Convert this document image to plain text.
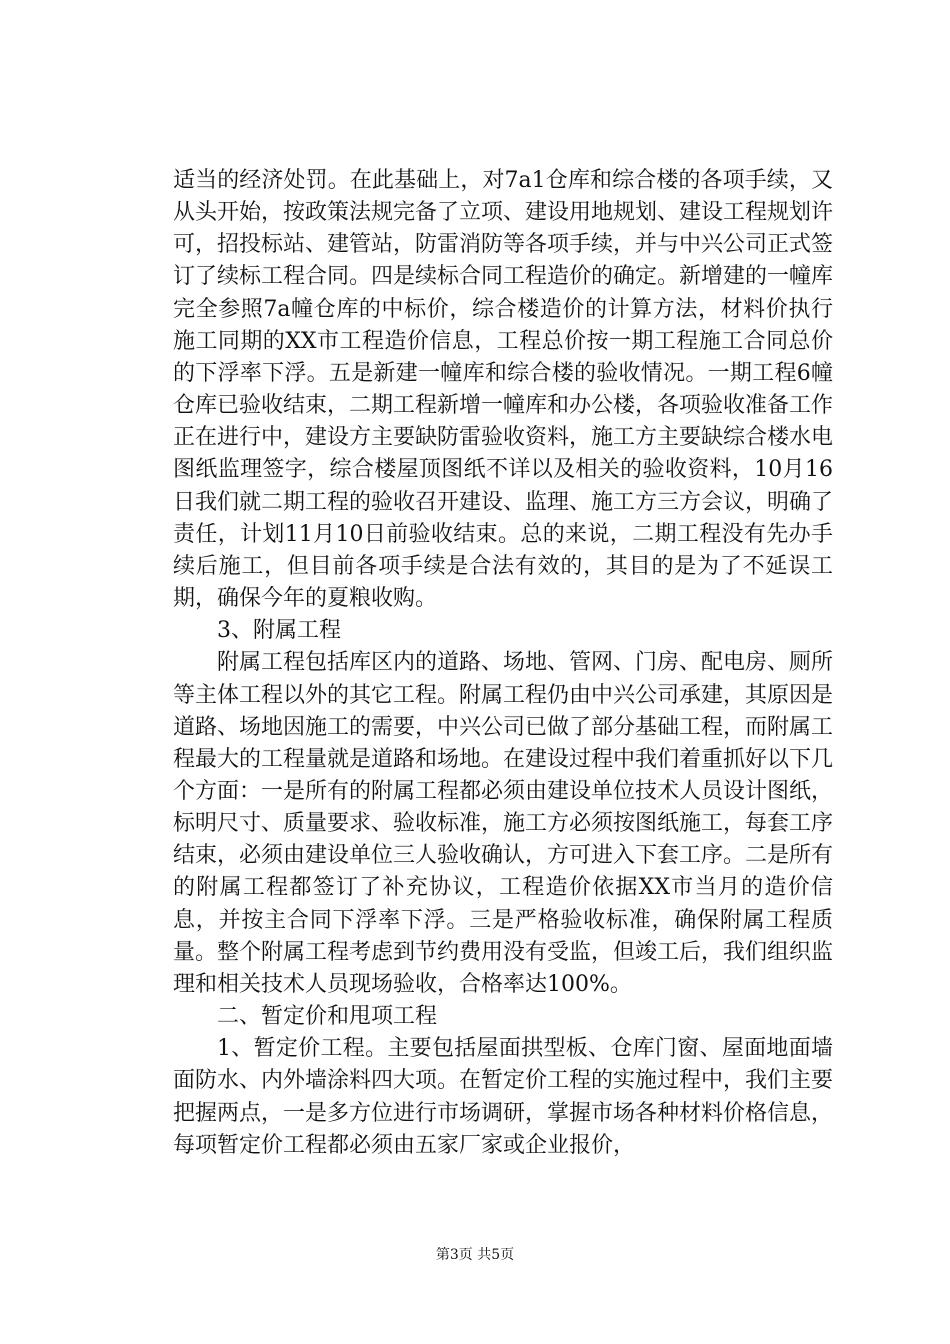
适当的经济处罚。在此基础上，对7a1仓库和综合楼的各项手续，又从头开始，按政策法规完备了立项、建设用地规划、建设工程规划许可，招投标站、建管站，防雷消防等各项手续，并与中兴公司正式签订了续标工程合同。四是续标合同工程造价的确定。新增建的一幢库完全参照7a幢仓库的中标价，综合楼造价的计算方法，材料价执行施工同期的XX市工程造价信息，工程总价按一期工程施工合同总价的下浮率下浮。五是新建一幢库和综合楼的验收情况。一期工程6幢仓库已验收结束，二期工程新增一幢库和办公楼，各项验收准备工作正在进行中，建设方主要缺防雷验收资料，施工方主要缺综合楼水电图纸监理签字，综合楼屋顶图纸不详以及相关的验收资料，10月16日我们就二期工程的验收召开建设、监理、施工方三方会议，明确了责任，计划11月10日前验收结束。总的来说，二期工程没有先办手续后施工，但目前各项手续是合法有效的，其目的是为了不延误工期，确保今年的夏粮收购。

3、附属工程

附属工程包括库区内的道路、场地、管网、门房、配电房、厕所等主体工程以外的其它工程。附属工程仍由中兴公司承建，其原因是道路、场地因施工的需要，中兴公司已做了部分基础工程，而附属工程最大的工程量就是道路和场地。在建设过程中我们着重抓好以下几个方面：一是所有的附属工程都必须由建设单位技术人员设计图纸，标明尺寸、质量要求、验收标准，施工方必须按图纸施工，每套工序结束，必须由建设单位三人验收确认，方可进入下套工序。二是所有的附属工程都签订了补充协议，工程造价依据XX市当月的造价信息，并按主合同下浮率下浮。三是严格验收标准，确保附属工程质量。整个附属工程考虑到节约费用没有受监，但竣工后，我们组织监理和相关技术人员现场验收，合格率达100%。

二、暂定价和甩项工程

1、暂定价工程。主要包括屋面拱型板、仓库门窗、屋面地面墙面防水、内外墙涂料四大项。在暂定价工程的实施过程中，我们主要把握两点，一是多方位进行市场调研，掌握市场各种材料价格信息，每项暂定价工程都必须由五家厂家或企业报价，

第3页 共5页
